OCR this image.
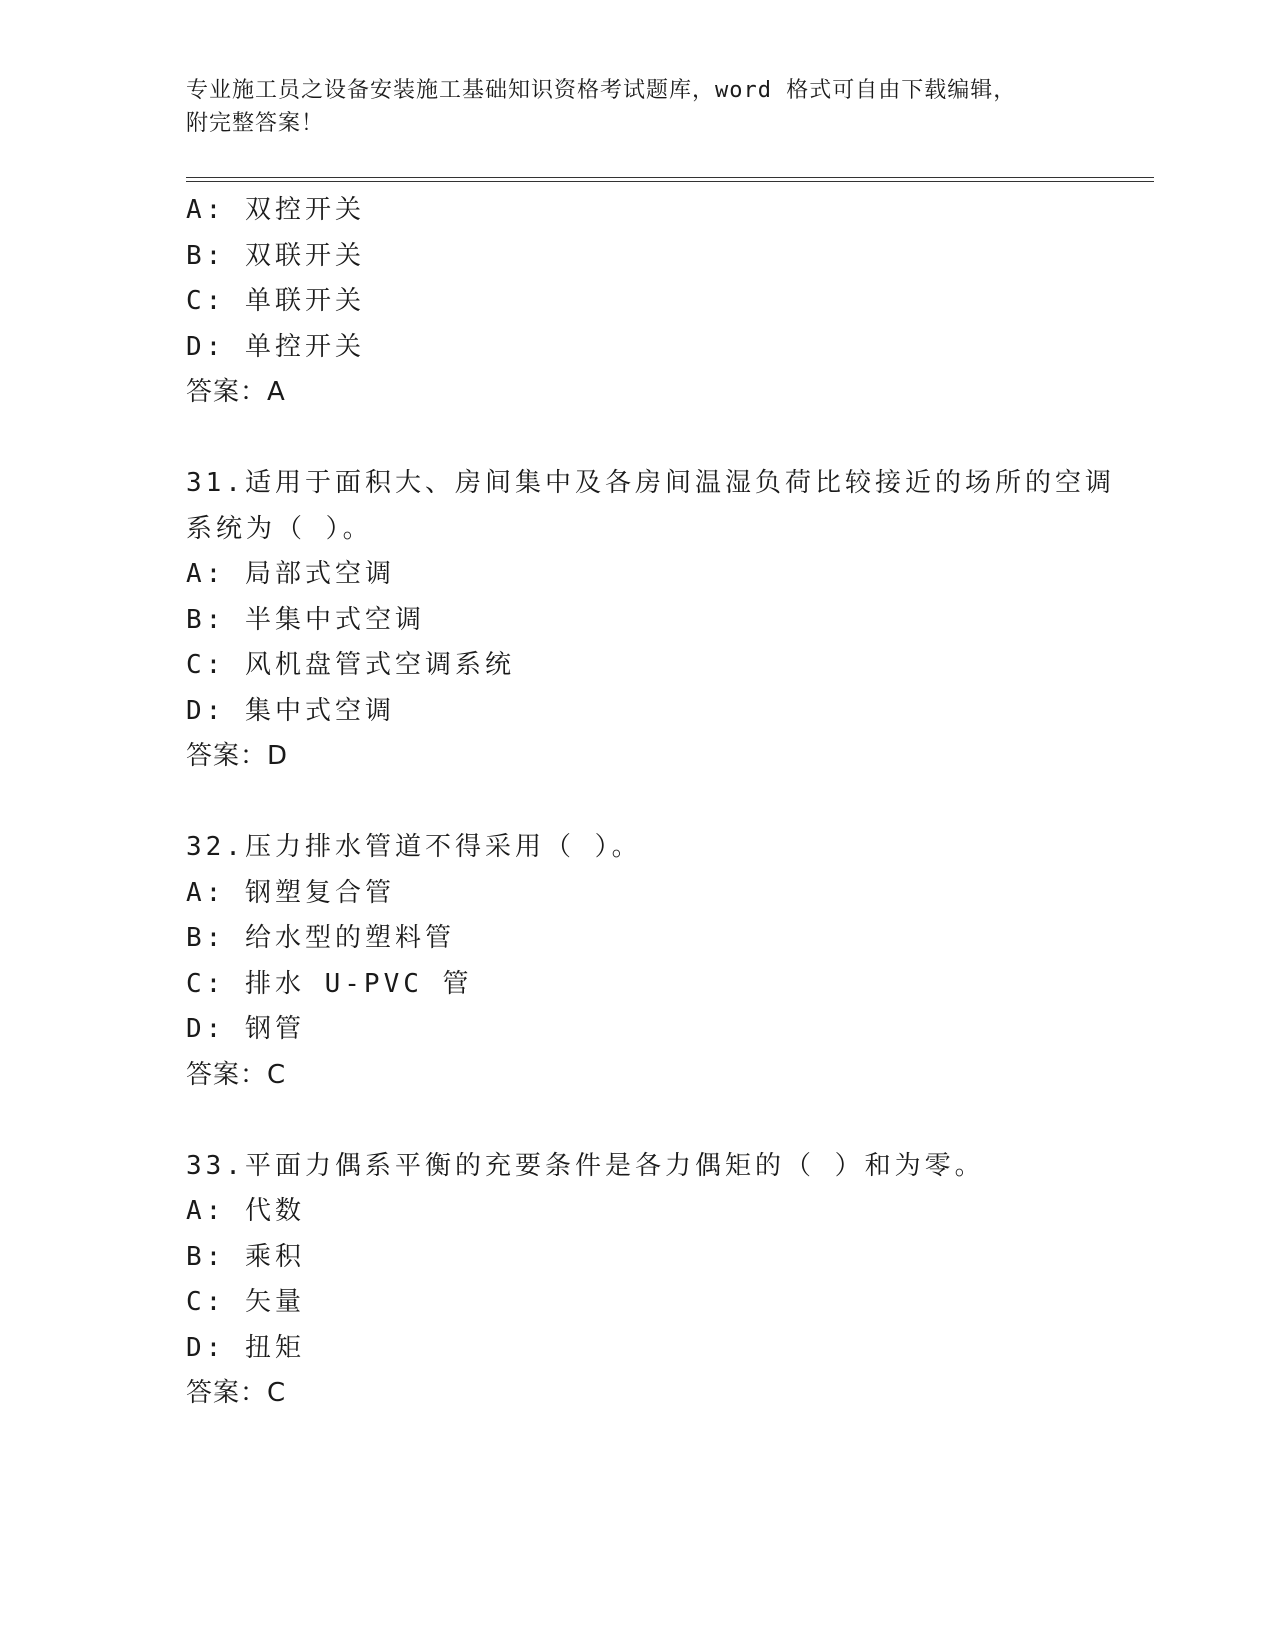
专业施工员之设备安装施工基础知识资格考试题库，word 格式可自由下载编辑，
附完整答案！
A: 双控开关
B: 双联开关
C: 单联开关
D: 单控开关
答案：A
31.适用于面积大、房间集中及各房间温湿负荷比较接近的场所的空调
系统为（ ）。
A: 局部式空调
B: 半集中式空调
C: 风机盘管式空调系统
D: 集中式空调
答案：D
32.压力排水管道不得采用（ ）。
A: 钢塑复合管
B: 给水型的塑料管
C: 排水 U-PVC 管
D: 钢管
答案：C
33.平面力偶系平衡的充要条件是各力偶矩的（ ）和为零。
A: 代数
B: 乘积
C: 矢量
D: 扭矩
答案：C
